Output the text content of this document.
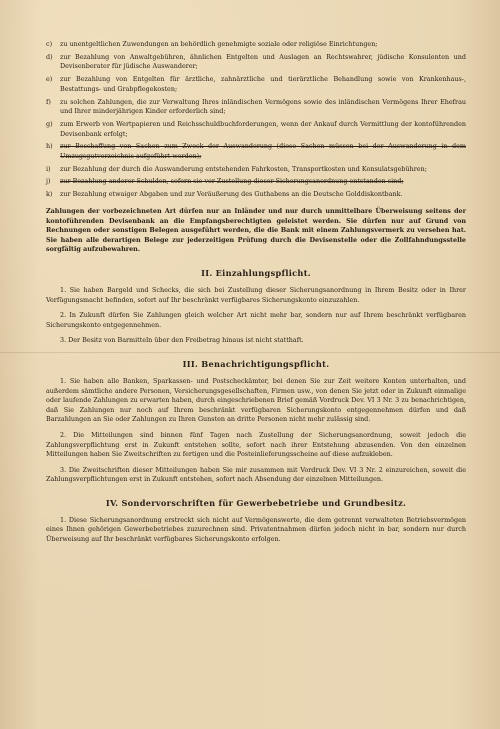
c) zu unentgeltlichen Zuwendungen an behördlich genehmigte soziale oder religiöse Einrichtungen;
d) zur Bezahlung von Anwaltgebühren, ähnlichen Entgelten und Auslagen an Rechtswahrer, jüdische Konsulenten und Devisenberater für jüdische Auswanderer;
e) zur Bezahlung von Entgelten für ärztliche, zahnärztliche und tierärztliche Behandlung sowie von Krankenhaus-, Bestattungs- und Grabpflegekosten;
f) zu solchen Zahlungen, die zur Verwaltung Ihres inländischen Vermögens sowie des inländischen Vermögens Ihrer Ehefrau und Ihrer minderjährigen Kinder erforderlich sind;
g) zum Erwerb von Wertpapieren und Reichsschuldbuchforderungen, wenn der Ankauf durch Vermittlung der kontoführenden Devisenbank erfolgt;
h) zur Beschaffung von Sachen zum Zweck der Auswanderung (diese Sachen müssen bei der Auswanderung in dem Umzugsgutverzeichnis aufgeführt werden);
i) zur Bezahlung der durch die Auswanderung entstehenden Fahrkosten, Transportkosten und Konsulatsgebühren;
j) zur Bezahlung anderer Schulden, sofern sie vor Zustellung dieser Sicherungsanordnung entstanden sind;
k) zur Bezahlung etwaiger Abgaben und zur Veräußerung des Guthabens an die Deutsche Golddiskontbank.

Zahlungen der vorbezeichneten Art dürfen nur an Inländer und nur durch unmittelbare Überweisung seitens der kontoführenden Devisenbank an die Empfangsberechtigten geleistet werden. Sie dürfen nur auf Grund von Rechnungen oder sonstigen Belegen ausgeführt werden, die die Bank mit einem Zahlungsvermerk zu versehen hat. Sie haben alle derartigen Belege zur jederzeitigen Prüfung durch die Devisenstelle oder die Zollfahndungsstelle sorgfältig aufzubewahren.

II. Einzahlungspflicht.

1. Sie haben Bargeld und Schecks, die sich bei Zustellung dieser Sicherungsanordnung in Ihrem Besitz oder in Ihrer Verfügungsmacht befinden, sofort auf Ihr beschränkt verfügbares Sicherungskonto einzuzahlen.

2. In Zukunft dürfen Sie Zahlungen gleich welcher Art nicht mehr bar, sondern nur auf Ihrem beschränkt verfügbaren Sicherungskonto entgegennehmen.

3. Der Besitz von Barmitteln über den Freibetrag hinaus ist nicht statthaft.

III. Benachrichtigungspflicht.

1. Sie haben alle Banken, Sparkassen- und Postscheckämter, bei denen Sie zur Zeit weitere Konten unterhalten, und außerdem sämtliche andere Personen, Versicherungsgesellschaften, Firmen usw., von denen Sie jetzt oder in Zukunft einmalige oder laufende Zahlungen zu erwarten haben, durch eingeschriebenen Brief gemäß Vordruck Dev. VI 3 Nr. 3 zu benachrichtigen, daß Sie Zahlungen nur noch auf Ihrem beschränkt verfügbaren Sicherungskonto entgegennehmen dürfen und daß Barzahlungen an Sie oder Zahlungen zu Ihren Gunsten an dritte Personen nicht mehr zulässig sind.

2. Die Mitteilungen sind binnen fünf Tagen nach Zustellung der Sicherungsanordnung, soweit jedoch die Zahlungsverpflichtung erst in Zukunft entstehen sollte, sofort nach ihrer Entstehung abzusenden. Von den einzelnen Mitteilungen haben Sie Zweitschriften zu fertigen und die Posteinlieferungsscheine auf diese aufzukleben.

3. Die Zweitschriften dieser Mitteilungen haben Sie mir zusammen mit Vordruck Dev. VI 3 Nr. 2 einzureichen, soweit die Zahlungsverpflichtungen erst in Zukunft entstehen, sofort nach Absendung der einzelnen Mitteilungen.

IV. Sondervorschriften für Gewerbebetriebe und Grundbesitz.

1. Diese Sicherungsanordnung erstreckt sich nicht auf Vermögenswerte, die dem getrennt verwalteten Betriebsvermögen eines Ihnen gehörigen Gewerbebetriebes zuzurechnen sind. Privatentnahmen dürfen jedoch nicht in bar, sondern nur durch Überweisung auf Ihr beschränkt verfügbares Sicherungskonto erfolgen.
